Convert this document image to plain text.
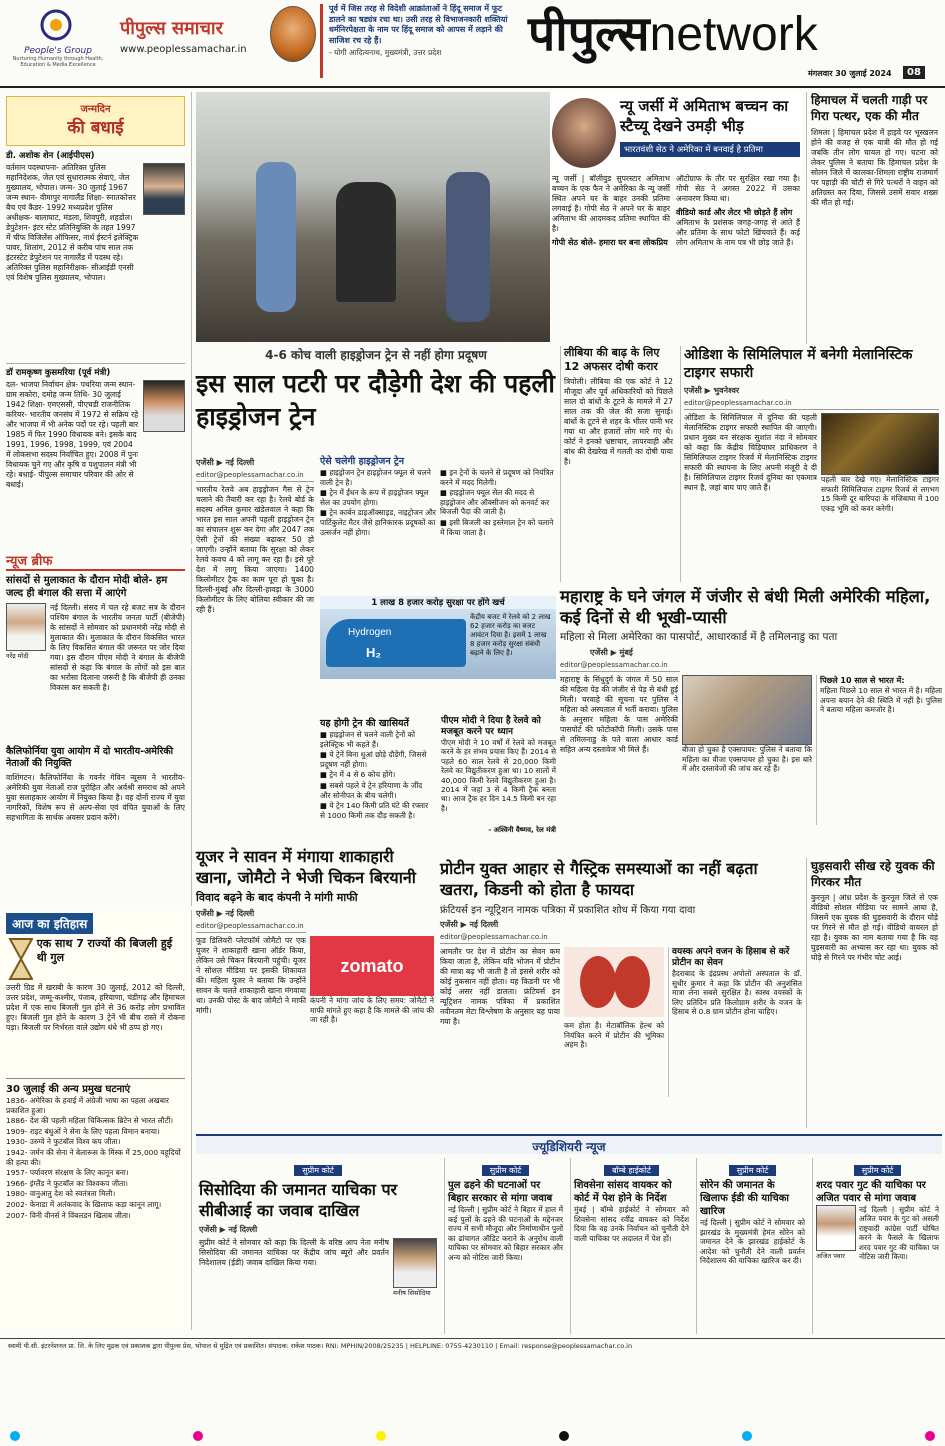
People's Group
Nurturing Humanity through Health, Education & Media Excellence
पीपुल्स समाचार
www.peoplessamachar.in
पूर्व में जिस तरह से विदेशी आक्रांताओं ने हिंदू समाज में फूट डालने का षड्यंत्र रचा था। उसी तरह से विभाजनकारी शक्तियां धर्मनिरपेक्षता के नाम पर हिंदू समाज को आपस में लड़ाने की साजिश रच रहे हैं।
- योगी आदित्यनाथ, मुख्यमंत्री, उत्तर प्रदेश	पीपुल्सnetwork
मंगलवार 30 जुलाई 2024	08
जन्मदिन
की बधाई
डी. अशोक शेन (आईपीएस)
वर्तमान पदस्थापना- अतिरिक्त पुलिस महानिदेशक, जेल एवं सुधारात्मक सेवाएं, जेल मुख्यालय, भोपाल। जन्म- 30 जुलाई 1967 जन्म स्थान- वीमापुर नागालैंड शिक्षा- स्नातकोत्तर बैच एवं कैडर- 1992 मध्यप्रदेश पुलिस अधीक्षक- बालाघाट, मंडला, शिवपुरी, शहडोल। डेपुटेशन- इंटर स्टेट प्रतिनियुक्ति के तहत 1997 में चीफ विजिलेंस ऑफिसर, नार्थ ईस्टर्न इलेक्ट्रिक पावर, शिलांग, 2012 से करीब पांच साल तक इंटरस्टेट डेपुटेशन पर नागालैंड में पदस्थ रहे। अतिरिक्त पुलिस महानिरीक्षक- सीआईडी एनसी एवं विशेष पुलिस मुख्यालय, भोपाल।
डॉ रामकृष्ण कुसमरिया (पूर्व मंत्री)
दल- भाजपा निर्वाचन क्षेत्र- पथरिया जन्म स्थान- ग्राम सकोरा, दमोह जन्म तिथि- 30 जुलाई 1942 शिक्षा- एमएससी, पीएचडी राजनीतिक करियर- भारतीय जनसंघ में 1972 से सक्रिय रहे और भाजपा में भी अनेक पदों पर रहे। पहली बार 1985 में फिर 1990 विधायक बने। इसके बाद 1991, 1996, 1998, 1999, एवं 2004 में लोकसभा सदस्य निर्वाचित हुए। 2008 में पुनः विधायक चुने गए और कृषि व पशुपालन मंत्री भी रहे। बधाई- पीपुल्स समाचार परिवार की ओर से बधाई।
न्यूज ब्रीफ
सांसदों से मुलाकात के दौरान मोदी बोले- हम जल्द ही बंगाल की सत्ता में आएंगे
नरेंद्र मोदी

नई दिल्ली। संसद में चल रहे बजट सत्र के दौरान पश्चिम बंगाल के भारतीय जनता पार्टी (बीजेपी) के सांसदों ने सोमवार को प्रधानमंत्री नरेंद्र मोदी से मुलाकात की। मुलाकात के दौरान विकसित भारत के लिए विकसित बंगाल की जरूरत पर जोर दिया गया। इस दौरान पीएम मोदी ने बंगाल के बीजेपी सांसदों से कहा कि बंगाल के लोगों को इस बात का भरोसा दिलाना जरूरी है कि बीजेपी ही उनका विकास कर सकती है।

कैलिफोर्निया युवा आयोग में दो भारतीय-अमेरिकी नेताओं की नियुक्ति

वाशिंगटन। कैलिफोर्निया के गवर्नर गेविन न्यूसम ने भारतीय-अमेरिकी युवा नेताओं राज पुरोहित और अर्वश्री समराथ को अपने युवा सलाहकार आयोग में नियुक्त किया है। वह दोनों राज्य में युवा नागरिकों, विशेष रूप से अल्प-सेवा एवं वंचित युवाओं के लिए सहभागिता के सार्थक अवसर प्रदान करेंगे।

आज का इतिहास
एक साथ 7 राज्यों की बिजली हुई थी गुल

उत्तरी ग्रिड में खराबी के कारण 30 जुलाई, 2012 को दिल्ली, उत्तर प्रदेश, जम्मू-कश्मीर, पंजाब, हरियाणा, चंडीगढ़ और हिमाचल प्रदेश में एक साथ बिजली गुल होने से 36 करोड़ लोग प्रभावित हुए। बिजली गुल होने के कारण 3 ट्रेनें भी बीच रास्ते में रोकना पड़ा। बिजली पर निर्भरता वाले उद्योग धंधे भी ठप्प हो गए।

30 जुलाई की अन्य प्रमुख घटनाएं
1836- अमेरिका के हवाई में अंग्रेजी भाषा का पहला अखबार प्रकाशित हुआ।
1886- देश की पहली महिला चिकित्सक ब्रिटेन से भारत लौटीं।
1909- राइट बंधुओं ने सेना के लिए पहला विमान बनाया।
1930- उरुग्वे ने फुटबॉल विश्व कप जीता।
1942- जर्मन की सेना ने बेलारूस के मिंस्क में 25,000 यहूदियों की हत्या की।
1957- पर्यावरण संरक्षण के लिए कानून बना।
1966- इंग्लैंड ने फुटबॉल का विश्वकप जीता।
1980- वानुआतु देश को स्वतंत्रता मिली।
2002- केनाडा में अतंकवाद के खिलाफ कड़ा कानून लागू।
2007- विनी वीनर्स ने विंबलडन खिताब जीता।
न्यू जर्सी में अमिताभ बच्चन का स्टैच्यू देखने उमड़ी भीड़
भारतवंशी सेठ ने अमेरिका में बनवाई है प्रतिमा

न्यू जर्सी | बॉलीवुड सुपरस्टार अमिताभ बच्चन के एक फैन ने अमेरिका के न्यू जर्सी स्थित अपने घर के बाहर उनकी प्रतिमा लगवाई है। गोपी सेठ ने अपने घर के बाहर अमिताभ की आदमकद प्रतिमा स्थापित की है।

गोपी सेठ बोले- हमारा घर बना लोकप्रिय

ऑटोग्राफ के तौर पर सुरक्षित रखा गया है। गोपी सेठ ने अगस्त 2022 में उसका अनावरण किया था।

वीडियो कार्ड और लेटर भी छोड़ते हैं लोग

अमिताभ के प्रशंसक जगह-जगह से आते हैं और प्रतिमा के साथ फोटो खिंचवाते हैं। कई लोग अमिताभ के नाम पत्र भी छोड़ जाते हैं।

हिमाचल में चलती गाड़ी पर गिरा पत्थर, एक की मौत

शिमला | हिमाचल प्रदेश में हाइवे पर भूस्खलन होने की वजह से एक यात्री की मौत हो गई जबकि तीन लोग घायल हो गए। घटना को लेकर पुलिस ने बताया कि हिमाचल प्रदेश के सोलन जिले में कालका-शिमला राष्ट्रीय राजमार्ग पर पहाड़ी की चोटी से गिरे पत्थरों ने वाहन को क्षतिग्रस्त कर दिया, जिससे उसमें सवार शख्स की मौत हो गई।

4-6 कोच वाली हाइड्रोजन ट्रेन से नहीं होगा प्रदूषण
इस साल पटरी पर दौड़ेगी देश की पहली हाइड्रोजन ट्रेन
एजेंसी ▶ नई दिल्ली
editor@peoplessamachar.co.in

भारतीय रेलवे अब हाइड्रोजन गैस से ट्रेन चलाने की तैयारी कर रहा है। रेलवे बोर्ड के सदस्य अनिल कुमार खंडेलवाल ने कहा कि भारत इस साल अपनी पहली हाइड्रोजन ट्रेन का संचालन शुरू कर देगा और 2047 तक ऐसी ट्रेनों की संख्या बढ़ाकर 50 हो जाएगी। उन्होंने बताया कि सुरक्षा को लेकर रेलवे कवच 4 को लागू कर रहा है। इसे पूरे देश में लागू किया जाएगा। 1400 किलोमीटर ट्रैक का काम पूरा हो चुका है। दिल्ली-मुंबई और दिल्ली-हावड़ा के 3000 किलोमीटर के लिए बोलिया स्वीकार की जा रही हैं।

ऐसे चलेगी हाइड्रोजन ट्रेन
■ हाइड्रोजन ट्रेन हाइड्रोजन फ्यूल से चलने वाली ट्रेन है।
■ ट्रेन में ईंधन के रूप में हाइड्रोजन फ्यूल सेल का उपयोग होगा।
■ ट्रेन कार्बन डाइऑक्साइड, नाइट्रोजन और पार्टिकुलेट मैटर जैसे हानिकारक प्रदूषकों का उत्सर्जन नहीं होगा।
■ इन ट्रेनों के चलने से प्रदूषण को नियंत्रित करने में मदद मिलेगी।
■ हाइड्रोजन फ्यूल सेल की मदद से हाइड्रोजन और ऑक्सीजन को कनवर्ट कर बिजली पैदा की जाती है।
■ इसी बिजली का इस्तेमाल ट्रेन को चलाने में किया जाता है।
1 लाख 8 हजार करोड़ सुरक्षा पर होंगे खर्च
Hydrogen
H₂
केंद्रीय बजट में रेलवे को 2 लाख 62 हजार करोड़ का बजट आवंटन दिया है। इसमें 1 लाख 8 हजार करोड़ सुरक्षा संबंधी बढ़ाने के लिए है।
यह होगी ट्रेन की खासियतें
■ हाइड्रोजन से चलने वाली ट्रेनों को इलेक्ट्रिक भी कहते हैं।
■ ये ट्रेनें बिना धुआं छोड़े दौड़ेंगी, जिससे प्रदूषण नहीं होगा।
■ ट्रेन में 4 से 6 कोच होंगे।
■ सबसे पहले ये ट्रेन हरियाणा के जींद और सोनीपत के बीच चलेगी।
■ ये ट्रेन 140 किमी प्रति घंटे की रफ्तार से 1000 किमी तक दौड़ सकती है।
पीएम मोदी ने दिया है रेलवे को मजबूत करने पर ध्यान

पीएम मोदी ने 10 वर्षों में रेलवे को मजबूत करने के हर संभव प्रयास किए हैं। 2014 से पहले 60 साल रेलवे से 20,000 किमी रेलवे का विद्युतीकरण हुआ था। 10 सालों में 40,000 किमी रेलवे विद्युतीकरण हुआ है। 2014 में जहां 3 से 4 किमी ट्रैक बनता था। आज ट्रैक हर दिन 14.5 किमी बन रहा है।

- अश्विनी वैष्णव, रेल मंत्री
लीबिया की बाढ़ के लिए 12 अफसर दोषी करार

त्रिपोली। लीबिया की एक कोर्ट ने 12 मौजूदा और पूर्व अधिकारियों को पिछले साल दो बांधों के टूटने के मामले में 27 साल तक की जेल की सजा सुनाई। बांधों के टूटने से शहर के भीतर पानी भर गया था और हजारों लोग मारे गए थे। कोर्ट ने इनको भ्रष्टाचार, लापरवाही और बांध की देखरेख में गलती का दोषी पाया है।

ओडिशा के सिमिलिपाल में बनेगी मेलानिस्टिक टाइगर सफारी
एजेंसी ▶ भुवनेश्वर
editor@peoplessamachar.co.in

ओडिशा के सिमिलिपाल में दुनिया की पहली मेलानिस्टिक टाइगर सफारी स्थापित की जाएगी। प्रधान मुख्य वन संरक्षक सुशांत नंदा ने सोमवार को कहा कि केंद्रीय चिड़ियाघर प्राधिकरण ने सिमिलिपाल टाइगर रिजर्व में मेलानिस्टिक टाइगर सफारी की स्थापना के लिए अपनी मंजूरी दे दी है। सिमिलिपाल टाइगर रिजर्व दुनिया का एकमात्र स्थान है, जहां बाघ पाए जाते हैं।

पहली बार देखे गए। मेलानिस्टिक टाइगर सफारी सिमिलिपाल टाइगर रिजर्व से लगभग 15 किमी दूर बारिपदा के मंजिबाघा में 100 एकड़ भूमि को कवर करेगी।

महाराष्ट्र के घने जंगल में जंजीर से बंधी मिली अमेरिकी महिला, कई दिनों से थी भूखी-प्यासी
महिला से मिला अमेरिका का पासपोर्ट, आधारकार्ड में है तमिलनाडु का पता
एजेंसी ▶ मुंबई
editor@peoplessamachar.co.in

महाराष्ट्र के सिंधुदुर्ग के जंगल में 50 साल की महिला पेड़ की जंजीर से पेड़ से बंधी हुई मिली। चरवाहे की सूचना पर पुलिस ने महिला को अस्पताल में भर्ती कराया। पुलिस के अनुसार महिला के पास अमेरिकी पासपोर्ट की फोटोकॉपी मिली। उसके पास से तमिलनाडु के पते वाला आधार कार्ड सहित अन्य दस्तावेज भी मिले हैं।	बीजा हो चुका है एक्सपायर: पुलिस ने बताया कि महिला का वीजा एक्सपायर हो चुका है। इस बारे में और दस्तावेजों की जांच कर रहे हैं।

पिछले 10 साल से भारत में:

महिला पिछले 10 साल से भारत में है। महिला अपना बयान देने की स्थिति में नहीं है। पुलिस ने बताया महिला कमजोर है।

यूजर ने सावन में मंगाया शाकाहारी खाना, जोमैटो ने भेजी चिकन बिरयानी
विवाद बढ़ने के बाद कंपनी ने मांगी माफी
एजेंसी ▶ नई दिल्ली
editor@peoplessamachar.co.in

फूड डिलिवरी प्लेटफॉर्म जोमैटो पर एक यूजर ने शाकाहारी खाना ऑर्डर किया, लेकिन उसे चिकन बिरयानी पहुंची। यूजर ने सोशल मीडिया पर इसकी शिकायत की। महिला यूजर ने बताया कि उन्होंने सावन के चलते शाकाहारी खाना मंगवाया था। उनकी पोस्ट के बाद जोमैटो ने माफी मांगी।

zomato

कंपनी ने मांगा जांच के लिए समय: जोमैटो ने माफी मांगते हुए कहा है कि मामले की जांच की जा रही है।

प्रोटीन युक्त आहार से गैस्ट्रिक समस्याओं का नहीं बढ़ता खतरा, किडनी को होता है फायदा
फ्रंटियर्स इन न्यूट्रिशन नामक पत्रिका में प्रकाशित शोध में किया गया दावा
एजेंसी ▶ नई दिल्ली
editor@peoplessamachar.co.in

आमतौर पर देश में प्रोटीन का सेवन कम किया जाता है, लेकिन यदि भोजन में प्रोटीन की मात्रा बढ़ भी जाती है तो इससे शरीर को कोई नुकसान नहीं होता। यह किडनी पर भी कोई असर नहीं डालता। फ्रंटियर्स इन न्यूट्रिशन नामक पत्रिका में प्रकाशित नवीनतम मेटा विश्लेषण के अनुसार यह पाया गया है।	कम होता है। मेटाबॉलिक हेल्थ को नियंत्रित करने में प्रोटीन की भूमिका अहम है।

वयस्क अपने वजन के हिसाब से करें प्रोटीन का सेवन

हैदराबाद के इंद्रप्रस्थ अपोलो अस्पताल के डॉ. सुधीर कुमार ने कहा कि प्रोटीन की अनुशंसित मात्रा लेना सबसे सुरक्षित है। स्वस्थ वयस्कों के लिए प्रतिदिन प्रति किलोग्राम शरीर के वजन के हिसाब से 0.8 ग्राम प्रोटीन होना चाहिए।

घुड़सवारी सीख रहे युवक की गिरकर मौत

कुरनूल | आंध्र प्रदेश के कुरनूल जिले से एक वीडियो सोशल मीडिया पर सामने आया है, जिसमें एक युवक की घुड़सवारी के दौरान घोड़े पर गिरने से मौत हो गई। वीडियो वायरल हो रहा है। युवक का नाम बताया गया है कि वह घुड़सवारी का अभ्यास कर रहा था। युवक को घोड़े से गिरने पर गंभीर चोट आई।

ज्यूडिशियरी न्यूज
सुप्रीम कोर्ट
सिसोदिया की जमानत याचिका पर सीबीआई का जवाब दाखिल
एजेंसी ▶ नई दिल्ली

सुप्रीम कोर्ट ने सोमवार को कहा कि दिल्ली के वरिष्ठ आप नेता मनीष सिसोदिया की जमानत याचिका पर केंद्रीय जांच ब्यूरो और प्रवर्तन निदेशालय (ईडी) जवाब दाखिल किया गया।

मनीष सिसोदिया
सुप्रीम कोर्ट
पुल ढहने की घटनाओं पर बिहार सरकार से मांगा जवाब

नई दिल्ली | सुप्रीम कोर्ट ने बिहार में हाल में कई पुलों के ढहने की घटनाओं के मद्देनजर राज्य में सभी मौजूदा और निर्माणाधीन पुलों का ढांचागत ऑडिट कराने के अनुरोध वाली याचिका पर सोमवार को बिहार सरकार और अन्य को नोटिस जारी किया।

बॉम्बे हाईकोर्ट
शिवसेना सांसद वायकर को कोर्ट में पेश होने के निर्देश

मुंबई | बॉम्बे हाईकोर्ट ने सोमवार को शिवसेना सांसद रवींद्र वायकर को निर्देश दिया कि वह उनके निर्वाचन को चुनौती देने वाली याचिका पर अदालत में पेश हों।

सुप्रीम कोर्ट
सोरेन की जमानत के खिलाफ ईडी की याचिका खारिज

नई दिल्ली | सुप्रीम कोर्ट ने सोमवार को झारखंड के मुख्यमंत्री हेमंत सोरेन को जमानत देने के झारखंड हाईकोर्ट के आदेश को चुनौती देने वाली प्रवर्तन निदेशालय की याचिका खारिज कर दी।

सुप्रीम कोर्ट
शरद पवार गुट की याचिका पर अजित पवार से मांगा जवाब
अजित पवार

नई दिल्ली | सुप्रीम कोर्ट ने अजित पवार के गुट को असली राष्ट्रवादी कांग्रेस पार्टी घोषित करने के फैसले के खिलाफ शरद पवार गुट की याचिका पर नोटिस जारी किया।

स्वामी पी.सी. इंटरनेशनल प्रा. लि. के लिए मुद्रक एवं प्रकाशक द्वारा पीपुल्स प्रेस, भोपाल से मुद्रित एवं प्रकाशित। संपादक: राकेश पाठक। RNI: MPHIN/2008/25235 | HELPLINE: 0755-4230110 | Email: response@peoplessamachar.co.in
